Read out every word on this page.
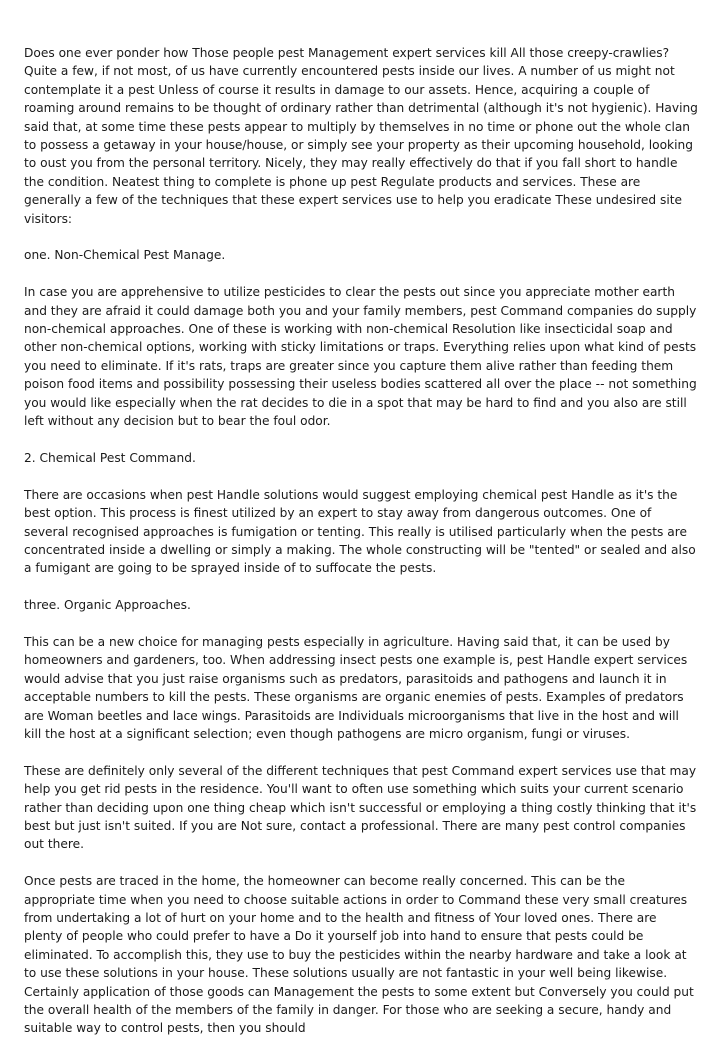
Does one ever ponder how Those people pest Management expert services kill All those creepy-crawlies? Quite a few, if not most, of us have currently encountered pests inside our lives. A number of us might not contemplate it a pest Unless of course it results in damage to our assets. Hence, acquiring a couple of roaming around remains to be thought of ordinary rather than detrimental (although it's not hygienic). Having said that, at some time these pests appear to multiply by themselves in no time or phone out the whole clan to possess a getaway in your house/house, or simply see your property as their upcoming household, looking to oust you from the personal territory. Nicely, they may really effectively do that if you fall short to handle the condition. Neatest thing to complete is phone up pest Regulate products and services. These are generally a few of the techniques that these expert services use to help you eradicate These undesired site visitors:

one. Non-Chemical Pest Manage.

In case you are apprehensive to utilize pesticides to clear the pests out since you appreciate mother earth and they are afraid it could damage both you and your family members, pest Command companies do supply non-chemical approaches. One of these is working with non-chemical Resolution like insecticidal soap and other non-chemical options, working with sticky limitations or traps. Everything relies upon what kind of pests you need to eliminate. If it's rats, traps are greater since you capture them alive rather than feeding them poison food items and possibility possessing their useless bodies scattered all over the place -- not something you would like especially when the rat decides to die in a spot that may be hard to find and you also are still left without any decision but to bear the foul odor.

2. Chemical Pest Command.

There are occasions when pest Handle solutions would suggest employing chemical pest Handle as it's the best option. This process is finest utilized by an expert to stay away from dangerous outcomes. One of several recognised approaches is fumigation or tenting. This really is utilised particularly when the pests are concentrated inside a dwelling or simply a making. The whole constructing will be "tented" or sealed and also a fumigant are going to be sprayed inside of to suffocate the pests.

three. Organic Approaches.

This can be a new choice for managing pests especially in agriculture. Having said that, it can be used by homeowners and gardeners, too. When addressing insect pests one example is, pest Handle expert services would advise that you just raise organisms such as predators, parasitoids and pathogens and launch it in acceptable numbers to kill the pests. These organisms are organic enemies of pests. Examples of predators are Woman beetles and lace wings. Parasitoids are Individuals microorganisms that live in the host and will kill the host at a significant selection; even though pathogens are micro organism, fungi or viruses.

These are definitely only several of the different techniques that pest Command expert services use that may help you get rid pests in the residence. You'll want to often use something which suits your current scenario rather than deciding upon one thing cheap which isn't successful or employing a thing costly thinking that it's best but just isn't suited. If you are Not sure, contact a professional. There are many pest control companies out there.

Once pests are traced in the home, the homeowner can become really concerned. This can be the appropriate time when you need to choose suitable actions in order to Command these very small creatures from undertaking a lot of hurt on your home and to the health and fitness of Your loved ones. There are plenty of people who could prefer to have a Do it yourself job into hand to ensure that pests could be eliminated. To accomplish this, they use to buy the pesticides within the nearby hardware and take a look at to use these solutions in your house. These solutions usually are not fantastic in your well being likewise. Certainly application of those goods can Management the pests to some extent but Conversely you could put the overall health of the members of the family in danger. For those who are seeking a secure, handy and suitable way to control pests, then you should
